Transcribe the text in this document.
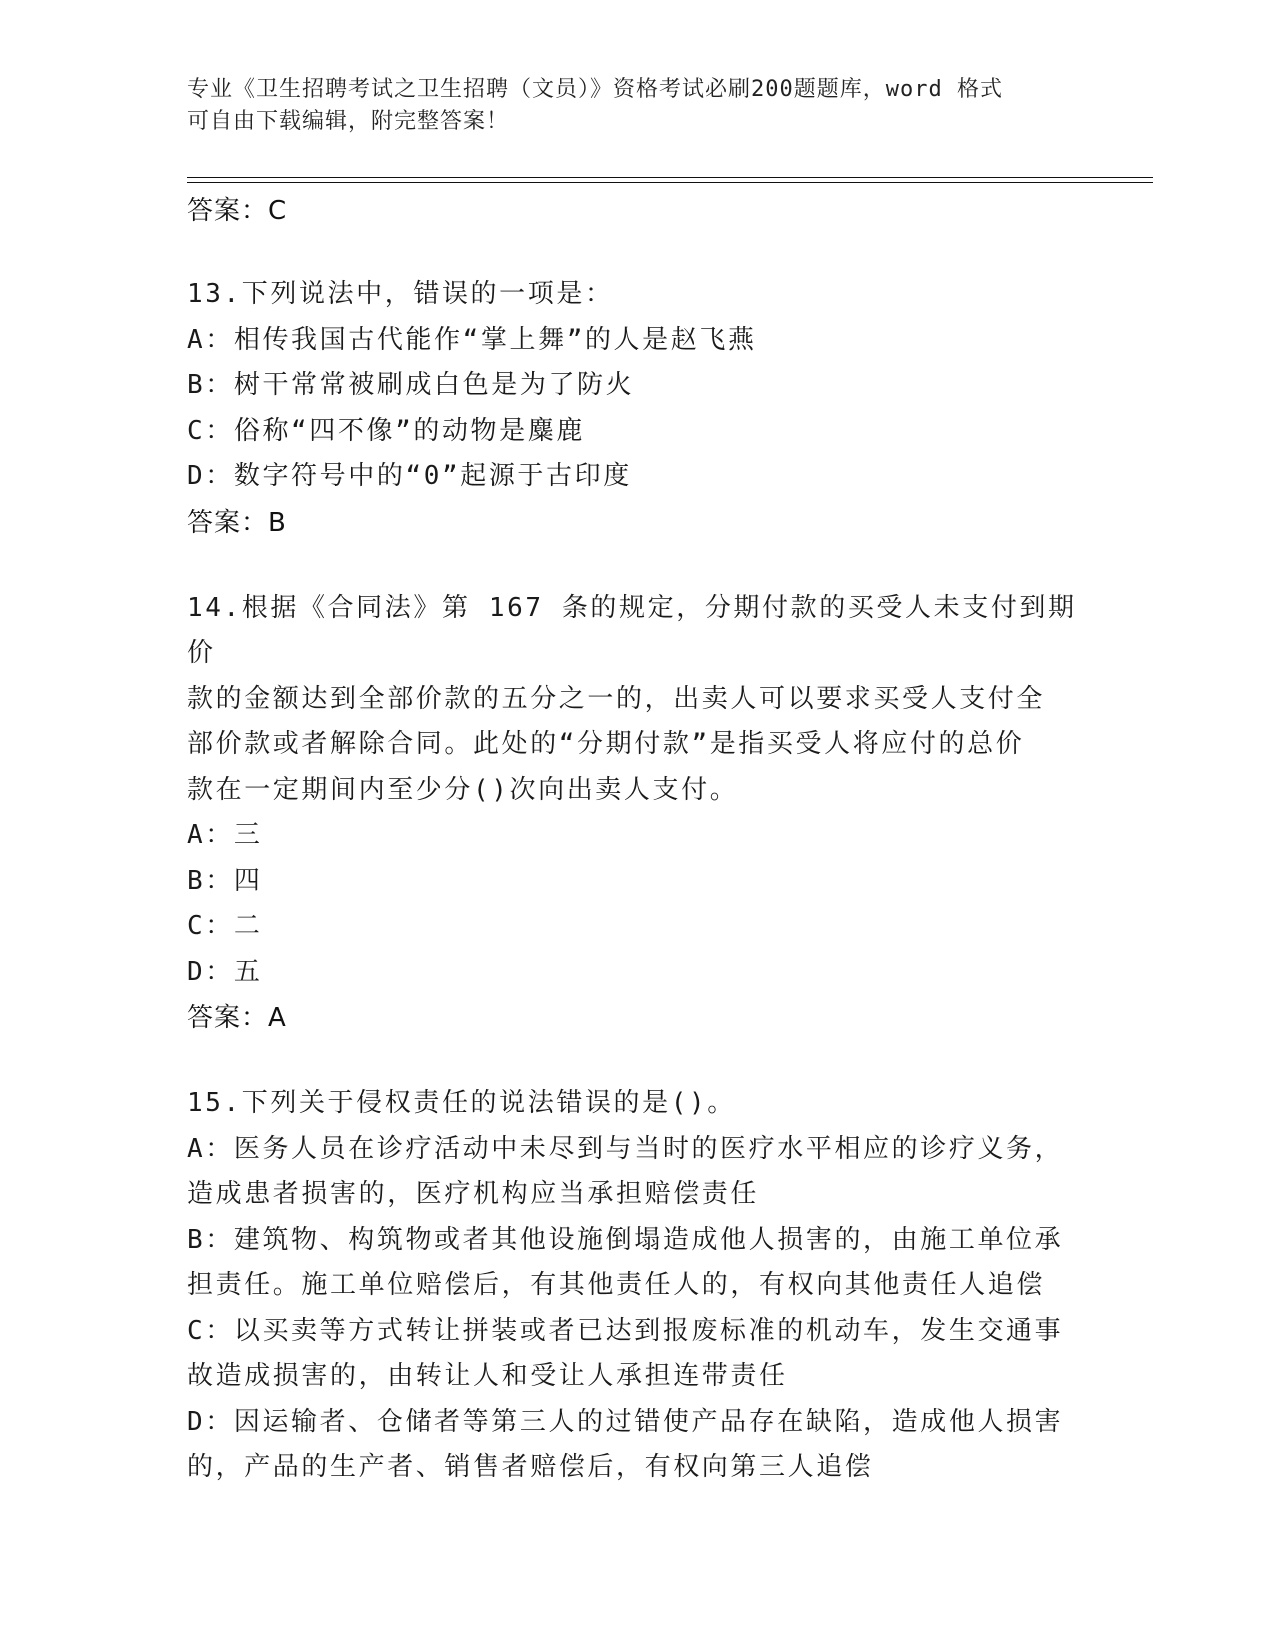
专业《卫生招聘考试之卫生招聘（文员）》资格考试必刷200题题库，word 格式
可自由下载编辑，附完整答案！

答案：C

13.下列说法中，错误的一项是：

A：相传我国古代能作“掌上舞”的人是赵飞燕

B：树干常常被刷成白色是为了防火

C：俗称“四不像”的动物是麋鹿

D：数字符号中的“0”起源于古印度

答案：B

14.根据《合同法》第 167 条的规定，分期付款的买受人未支付到期价

款的金额达到全部价款的五分之一的，出卖人可以要求买受人支付全

部价款或者解除合同。此处的“分期付款”是指买受人将应付的总价

款在一定期间内至少分()次向出卖人支付。

A：三

B：四

C：二

D：五

答案：A

15.下列关于侵权责任的说法错误的是()。

A：医务人员在诊疗活动中未尽到与当时的医疗水平相应的诊疗义务，

造成患者损害的，医疗机构应当承担赔偿责任

B：建筑物、构筑物或者其他设施倒塌造成他人损害的，由施工单位承

担责任。施工单位赔偿后，有其他责任人的，有权向其他责任人追偿

C：以买卖等方式转让拼装或者已达到报废标准的机动车，发生交通事

故造成损害的，由转让人和受让人承担连带责任

D：因运输者、仓储者等第三人的过错使产品存在缺陷，造成他人损害

的，产品的生产者、销售者赔偿后，有权向第三人追偿
